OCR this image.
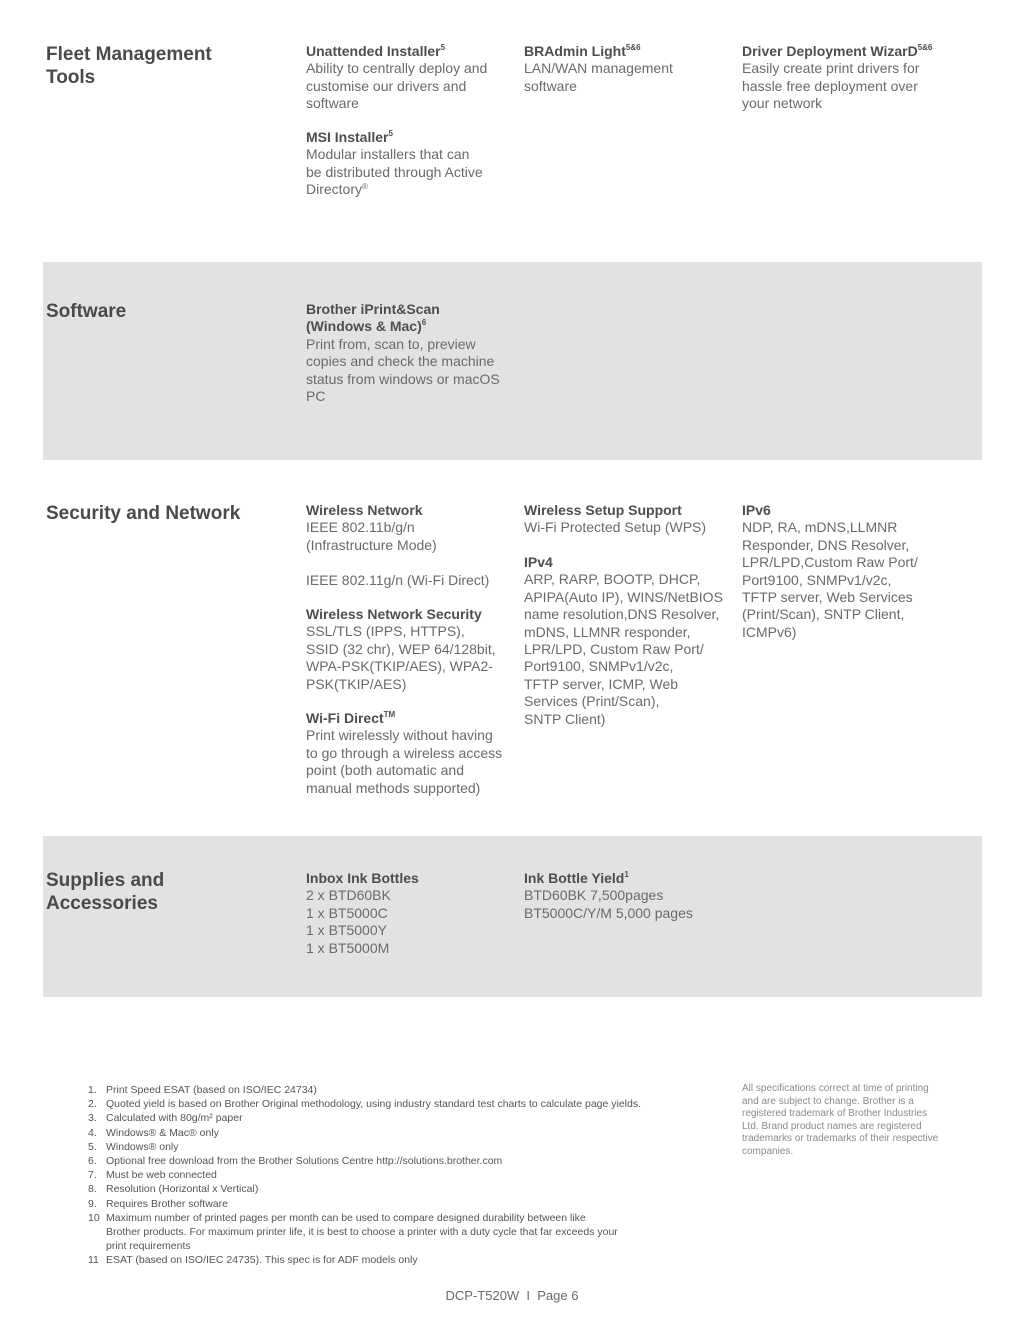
Fleet Management
Tools
Unattended Installer$^5$
Ability to centrally deploy and
customise our drivers and
software
BRAdmin Light$^{5\&6}$
LAN/WAN management
software
Driver Deployment WizarD$^{5\&6}$
Easily create print drivers for
hassle free deployment over
your network
MSI Installer$^5$
Modular installers that can
be distributed through Active
Directory®
Software	Brother iPrint&Scan
(Windows & Mac)$^6$
Print from, scan to, preview
copies and check the machine
status from windows or macOS PC
Security and Network	Wireless Network
IEEE 802.11b/g/n
(Infrastructure Mode)

IEEE 802.11g/n (Wi-Fi Direct)
Wireless Network Security
SSL/TLS (IPPS, HTTPS),
SSID (32 chr), WEP 64/128bit,
WPA-PSK(TKIP/AES), WPA2-
PSK(TKIP/AES)
Wi-Fi Direct™
Print wirelessly without having
to go through a wireless access
point (both automatic and
manual methods supported)
Wireless Setup Support
Wi-Fi Protected Setup (WPS)
IPv4
ARP, RARP, BOOTP, DHCP,
APIPA(Auto IP), WINS/NetBIOS
name resolution,DNS Resolver,
mDNS, LLMNR responder,
LPR/LPD, Custom Raw Port/
Port9100, SNMPv1/v2c,
TFTP server, ICMP, Web
Services (Print/Scan),
SNTP Client)
IPv6
NDP, RA, mDNS,LLMNR
Responder, DNS Resolver,
LPR/LPD,Custom Raw Port/
Port9100, SNMPv1/v2c,
TFTP server, Web Services
(Print/Scan), SNTP Client,
ICMPv6)
Supplies and
Accessories
Inbox Ink Bottles
2 x BTD60BK
1 x BT5000C
1 x BT5000Y
1 x BT5000M
Ink Bottle Yield$^1$
BTD60BK 7,500pages
BT5000C/Y/M 5,000 pages
1. Print Speed ESAT (based on ISO/IEC 24734)
2. Quoted yield is based on Brother Original methodology, using industry standard test charts to calculate page yields.
3. Calculated with 80g/m² paper
4. Windows® & Mac® only
5. Windows® only
6. Optional free download from the Brother Solutions Centre http://solutions.brother.com
7. Must be web connected
8. Resolution (Horizontal x Vertical)
9. Requires Brother software
10 Maximum number of printed pages per month can be used to compare designed durability between like
Brother products. For maximum printer life, it is best to choose a printer with a duty cycle that far exceeds your
print requirements
11 ESAT (based on ISO/IEC 24735). This spec is for ADF models only
All specifications correct at time of printing and are subject to change. Brother is a registered trademark of Brother Industries Ltd. Brand product names are registered trademarks or trademarks of their respective companies.
DCP-T520W  I  Page 6
